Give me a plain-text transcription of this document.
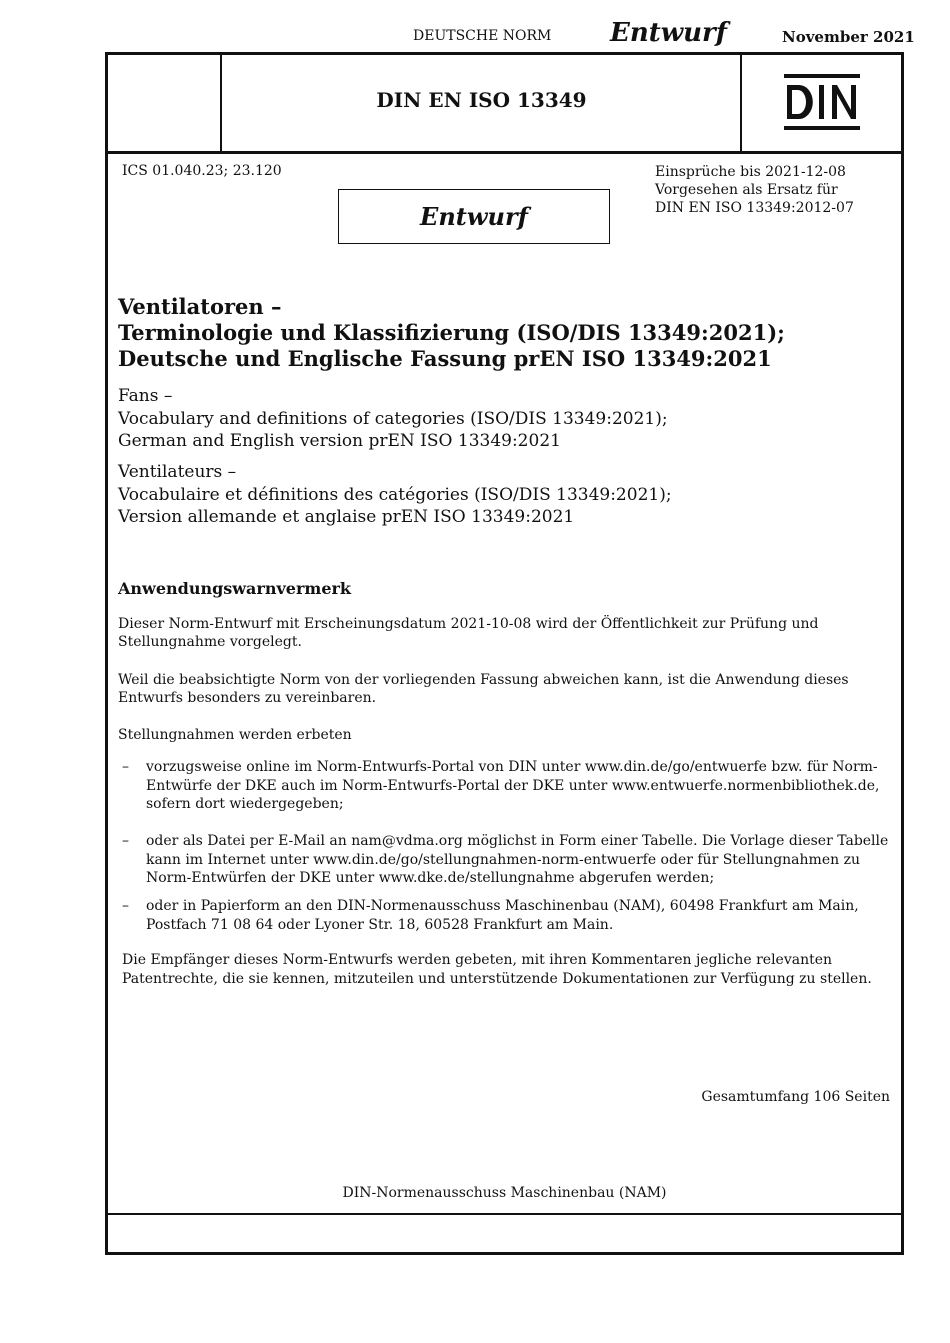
DEUTSCHE NORM Entwurf	November 2021
DIN EN ISO 13349
ICS 01.040.23; 23.120	Einsprüche bis 2021-12-08
Vorgesehen als Ersatz für
DIN EN ISO 13349:2012-07
Entwurf
Ventilatoren –
Terminologie und Klassifizierung (ISO/DIS 13349:2021);
Deutsche und Englische Fassung prEN ISO 13349:2021
Fans –
Vocabulary and definitions of categories (ISO/DIS 13349:2021);
German and English version prEN ISO 13349:2021
Ventilateurs –
Vocabulaire et définitions des catégories (ISO/DIS 13349:2021);
Version allemande et anglaise prEN ISO 13349:2021
Anwendungswarnvermerk
Dieser Norm-Entwurf mit Erscheinungsdatum 2021-10-08 wird der Öffentlichkeit zur Prüfung und Stellungnahme vorgelegt.
Weil die beabsichtigte Norm von der vorliegenden Fassung abweichen kann, ist die Anwendung dieses Entwurfs besonders zu vereinbaren.
Stellungnahmen werden erbeten
–	vorzugsweise online im Norm-Entwurfs-Portal von DIN unter www.din.de/go/entwuerfe bzw. für Norm-Entwürfe der DKE auch im Norm-Entwurfs-Portal der DKE unter www.entwuerfe.normenbibliothek.de, sofern dort wiedergegeben;
–	oder als Datei per E-Mail an nam@vdma.org möglichst in Form einer Tabelle. Die Vorlage dieser Tabelle kann im Internet unter www.din.de/go/stellungnahmen-norm-entwuerfe oder für Stellungnahmen zu Norm-Entwürfen der DKE unter www.dke.de/stellungnahme abgerufen werden;
–	oder in Papierform an den DIN-Normenausschuss Maschinenbau (NAM), 60498 Frankfurt am Main, Postfach 71 08 64 oder Lyoner Str. 18, 60528 Frankfurt am Main.
Die Empfänger dieses Norm-Entwurfs werden gebeten, mit ihren Kommentaren jegliche relevanten Patentrechte, die sie kennen, mitzuteilen und unterstützende Dokumentationen zur Verfügung zu stellen.
Gesamtumfang 106 Seiten
DIN-Normenausschuss Maschinenbau (NAM)
